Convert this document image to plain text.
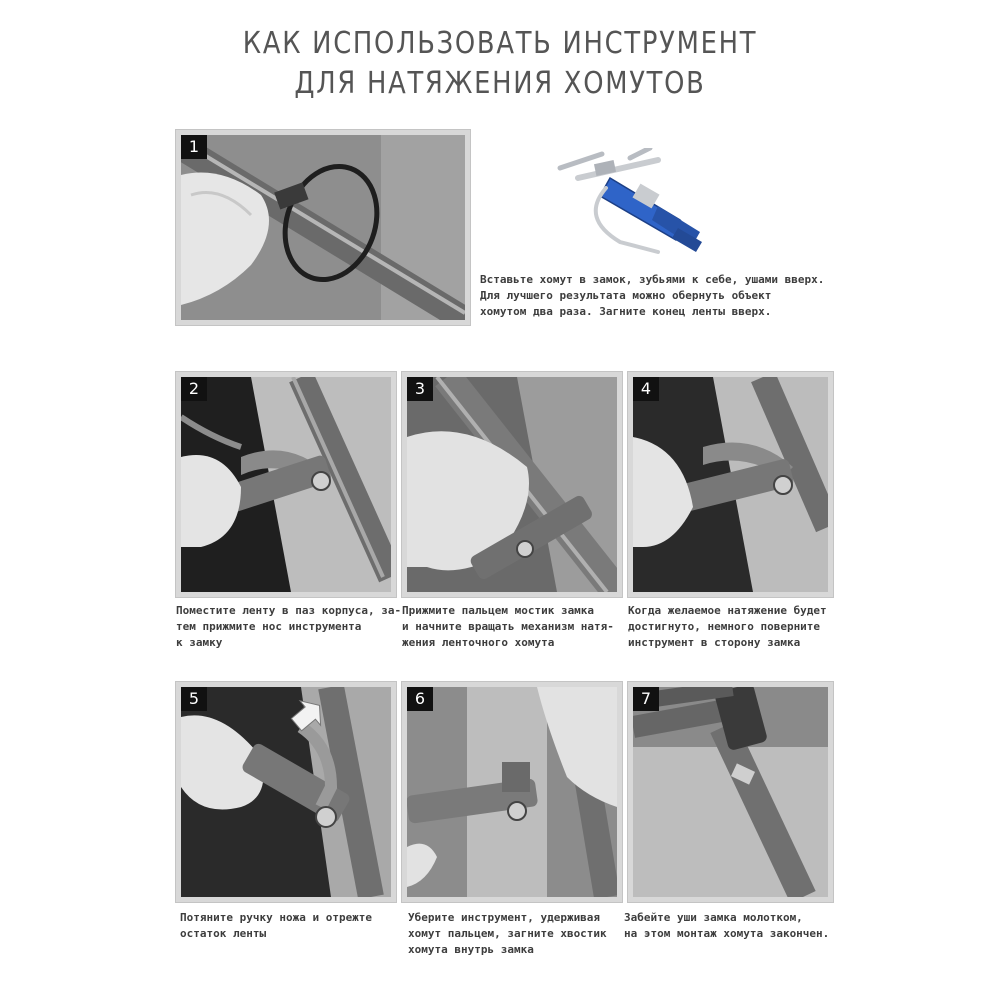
КАК ИСПОЛЬЗОВАТЬ ИНСТРУМЕНТ
ДЛЯ НАТЯЖЕНИЯ ХОМУТОВ
1
Вставьте хомут в замок, зубьями к себе, ушами вверх.
Для лучшего результата можно обернуть объект
хомутом два раза. Загните конец ленты вверх.
2
Поместите ленту в паз корпуса, за-
тем прижмите нос инструмента
к замку
3
Прижмите пальцем мостик замка
и начните вращать механизм натя-
жения ленточного хомута
4
Когда желаемое натяжение будет
достигнуто, немного поверните
инструмент в сторону замка
5
Потяните ручку ножа и отрежте
остаток ленты
6
Уберите инструмент, удерживая
хомут пальцем, загните хвостик
хомута внутрь замка
7
Забейте уши замка молотком,
на этом монтаж хомута закончен.
